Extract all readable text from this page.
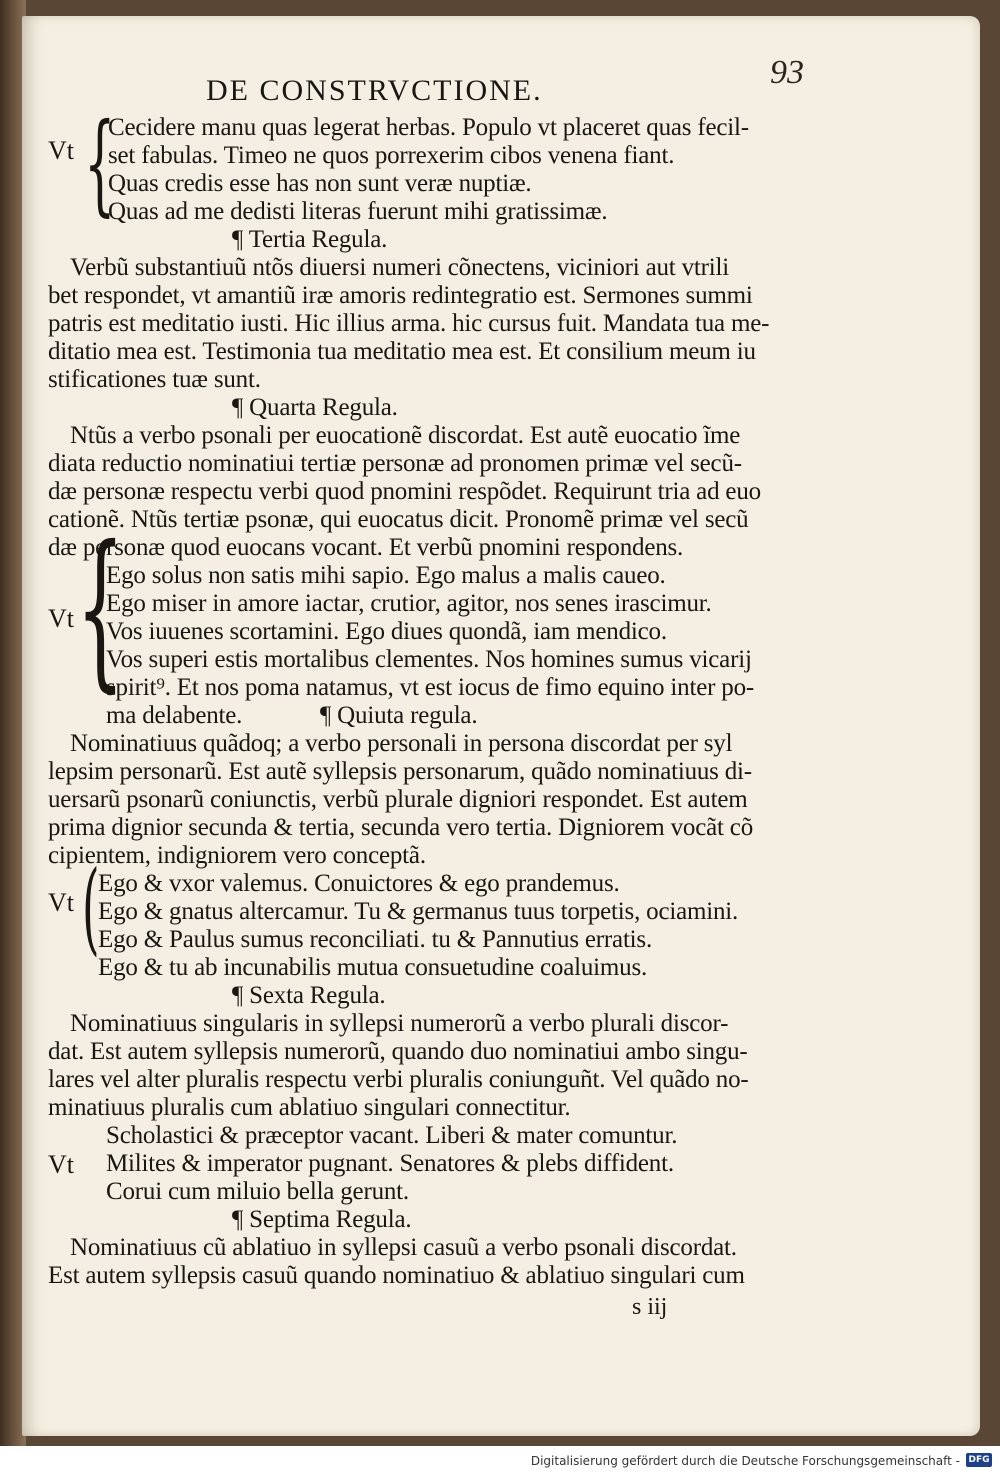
DE CONSTRVCTIONE.	93
Vt {
Cecidere manu quas legerat herbas. Populo vt placeret quas fecil-
set fabulas. Timeo ne quos porrexerim cibos venena fiant.
Quas credis esse has non sunt veræ nuptiæ.
Quas ad me dedisti literas fuerunt mihi gratissimæ.
¶ Tertia Regula.
Verbũ substantiuũ ntõs diuersi numeri cõnectens, viciniori aut vtrili
bet respondet, vt amantiũ iræ amoris redintegratio est. Sermones summi
patris est meditatio iusti. Hic illius arma. hic cursus fuit. Mandata tua me-
ditatio mea est. Testimonia tua meditatio mea est. Et consilium meum iu
stificationes tuæ sunt.
¶ Quarta Regula.
Ntũs a verbo psonali per euocationẽ discordat. Est autẽ euocatio ĩme
diata reductio nominatiui tertiæ personæ ad pronomen primæ vel secũ-
dæ personæ respectu verbi quod pnomini respõdet. Requirunt tria ad euo
cationẽ. Ntũs tertiæ psonæ, qui euocatus dicit. Pronomẽ primæ vel secũ
dæ personæ quod euocans vocant. Et verbũ pnomini respondens.
Vt {
Ego solus non satis mihi sapio. Ego malus a malis caueo.
Ego miser in amore iactar, crutior, agitor, nos senes irascimur.
Vos iuuenes scortamini. Ego diues quondã, iam mendico.
Vos superi estis mortalibus clementes. Nos homines sumus vicarij
spirit⁹. Et nos poma natamus, vt est iocus de fimo equino inter po-
ma delabente.	¶ Quiuta regula.
Nominatiuus quãdoq; a verbo personali in persona discordat per syl
lepsim personarũ. Est autẽ syllepsis personarum, quãdo nominatiuus di-
uersarũ psonarũ coniunctis, verbũ plurale digniori respondet. Est autem
prima dignior secunda & tertia, secunda vero tertia. Digniorem vocãt cõ
cipientem, indigniorem vero conceptã.
Vt (
Ego & vxor valemus. Conuictores & ego prandemus.
Ego & gnatus altercamur. Tu & germanus tuus torpetis, ociamini.
Ego & Paulus sumus reconciliati. tu & Pannutius erratis.
Ego & tu ab incunabilis mutua consuetudine coaluimus.
¶ Sexta Regula.
Nominatiuus singularis in syllepsi numerorũ a verbo plurali discor-
dat. Est autem syllepsis numerorũ, quando duo nominatiui ambo singu-
lares vel alter pluralis respectu verbi pluralis coniunguñt. Vel quãdo no-
minatiuus pluralis cum ablatiuo singulari connectitur.
Vt
Scholastici & præceptor vacant. Liberi & mater comuntur.
Milites & imperator pugnant. Senatores & plebs diffident.
Corui cum miluio bella gerunt.
¶ Septima Regula.
Nominatiuus cũ ablatiuo in syllepsi casuũ a verbo psonali discordat.
Est autem syllepsis casuũ quando nominatiuo & ablatiuo singulari cum
s iij
Digitalisierung gefördert durch die Deutsche Forschungsgemeinschaft - DFG
